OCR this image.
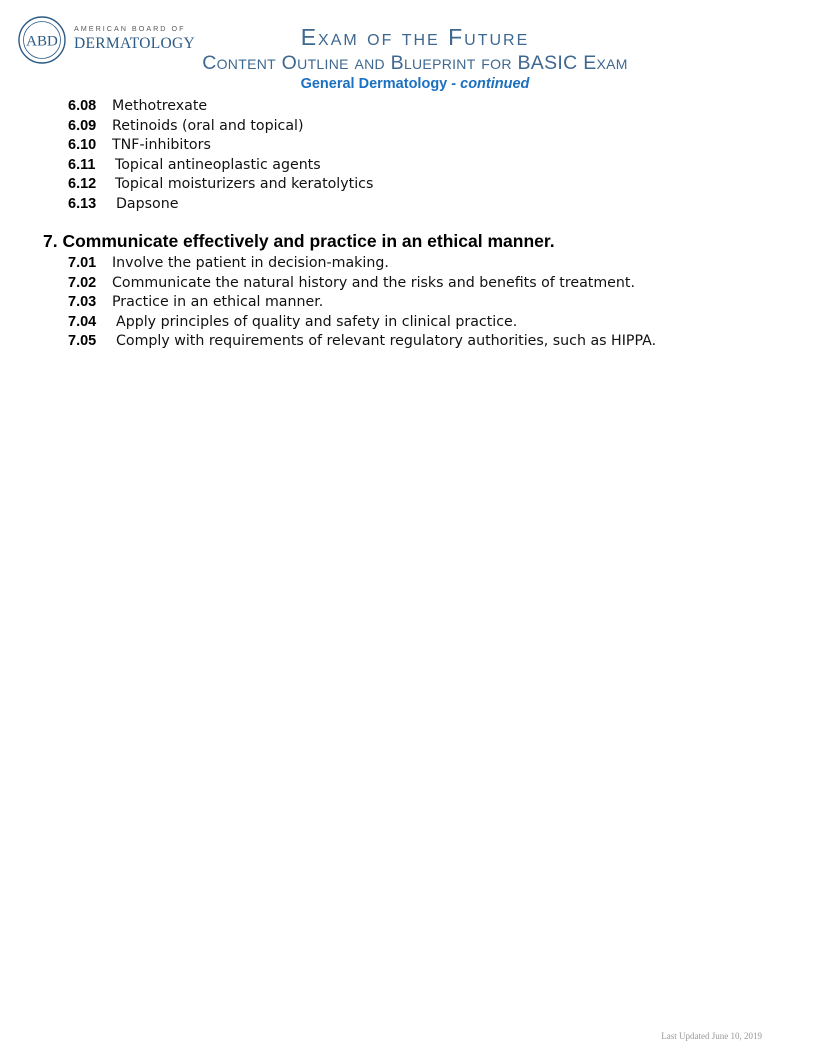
ABD
AMERICAN BOARD OF
DERMATOLOGY	Exam of the Future
Content Outline and Blueprint for BASIC Exam
General Dermatology - continued
6.08 Methotrexate
6.09 Retinoids (oral and topical)
6.10 TNF-inhibitors
6.11 Topical antineoplastic agents
6.12 Topical moisturizers and keratolytics
6.13 Dapsone
7. Communicate effectively and practice in an ethical manner.
7.01 Involve the patient in decision-making.
7.02 Communicate the natural history and the risks and benefits of treatment.
7.03 Practice in an ethical manner.
7.04 Apply principles of quality and safety in clinical practice.
7.05 Comply with requirements of relevant regulatory authorities, such as HIPPA.
Last Updated June 10, 2019
